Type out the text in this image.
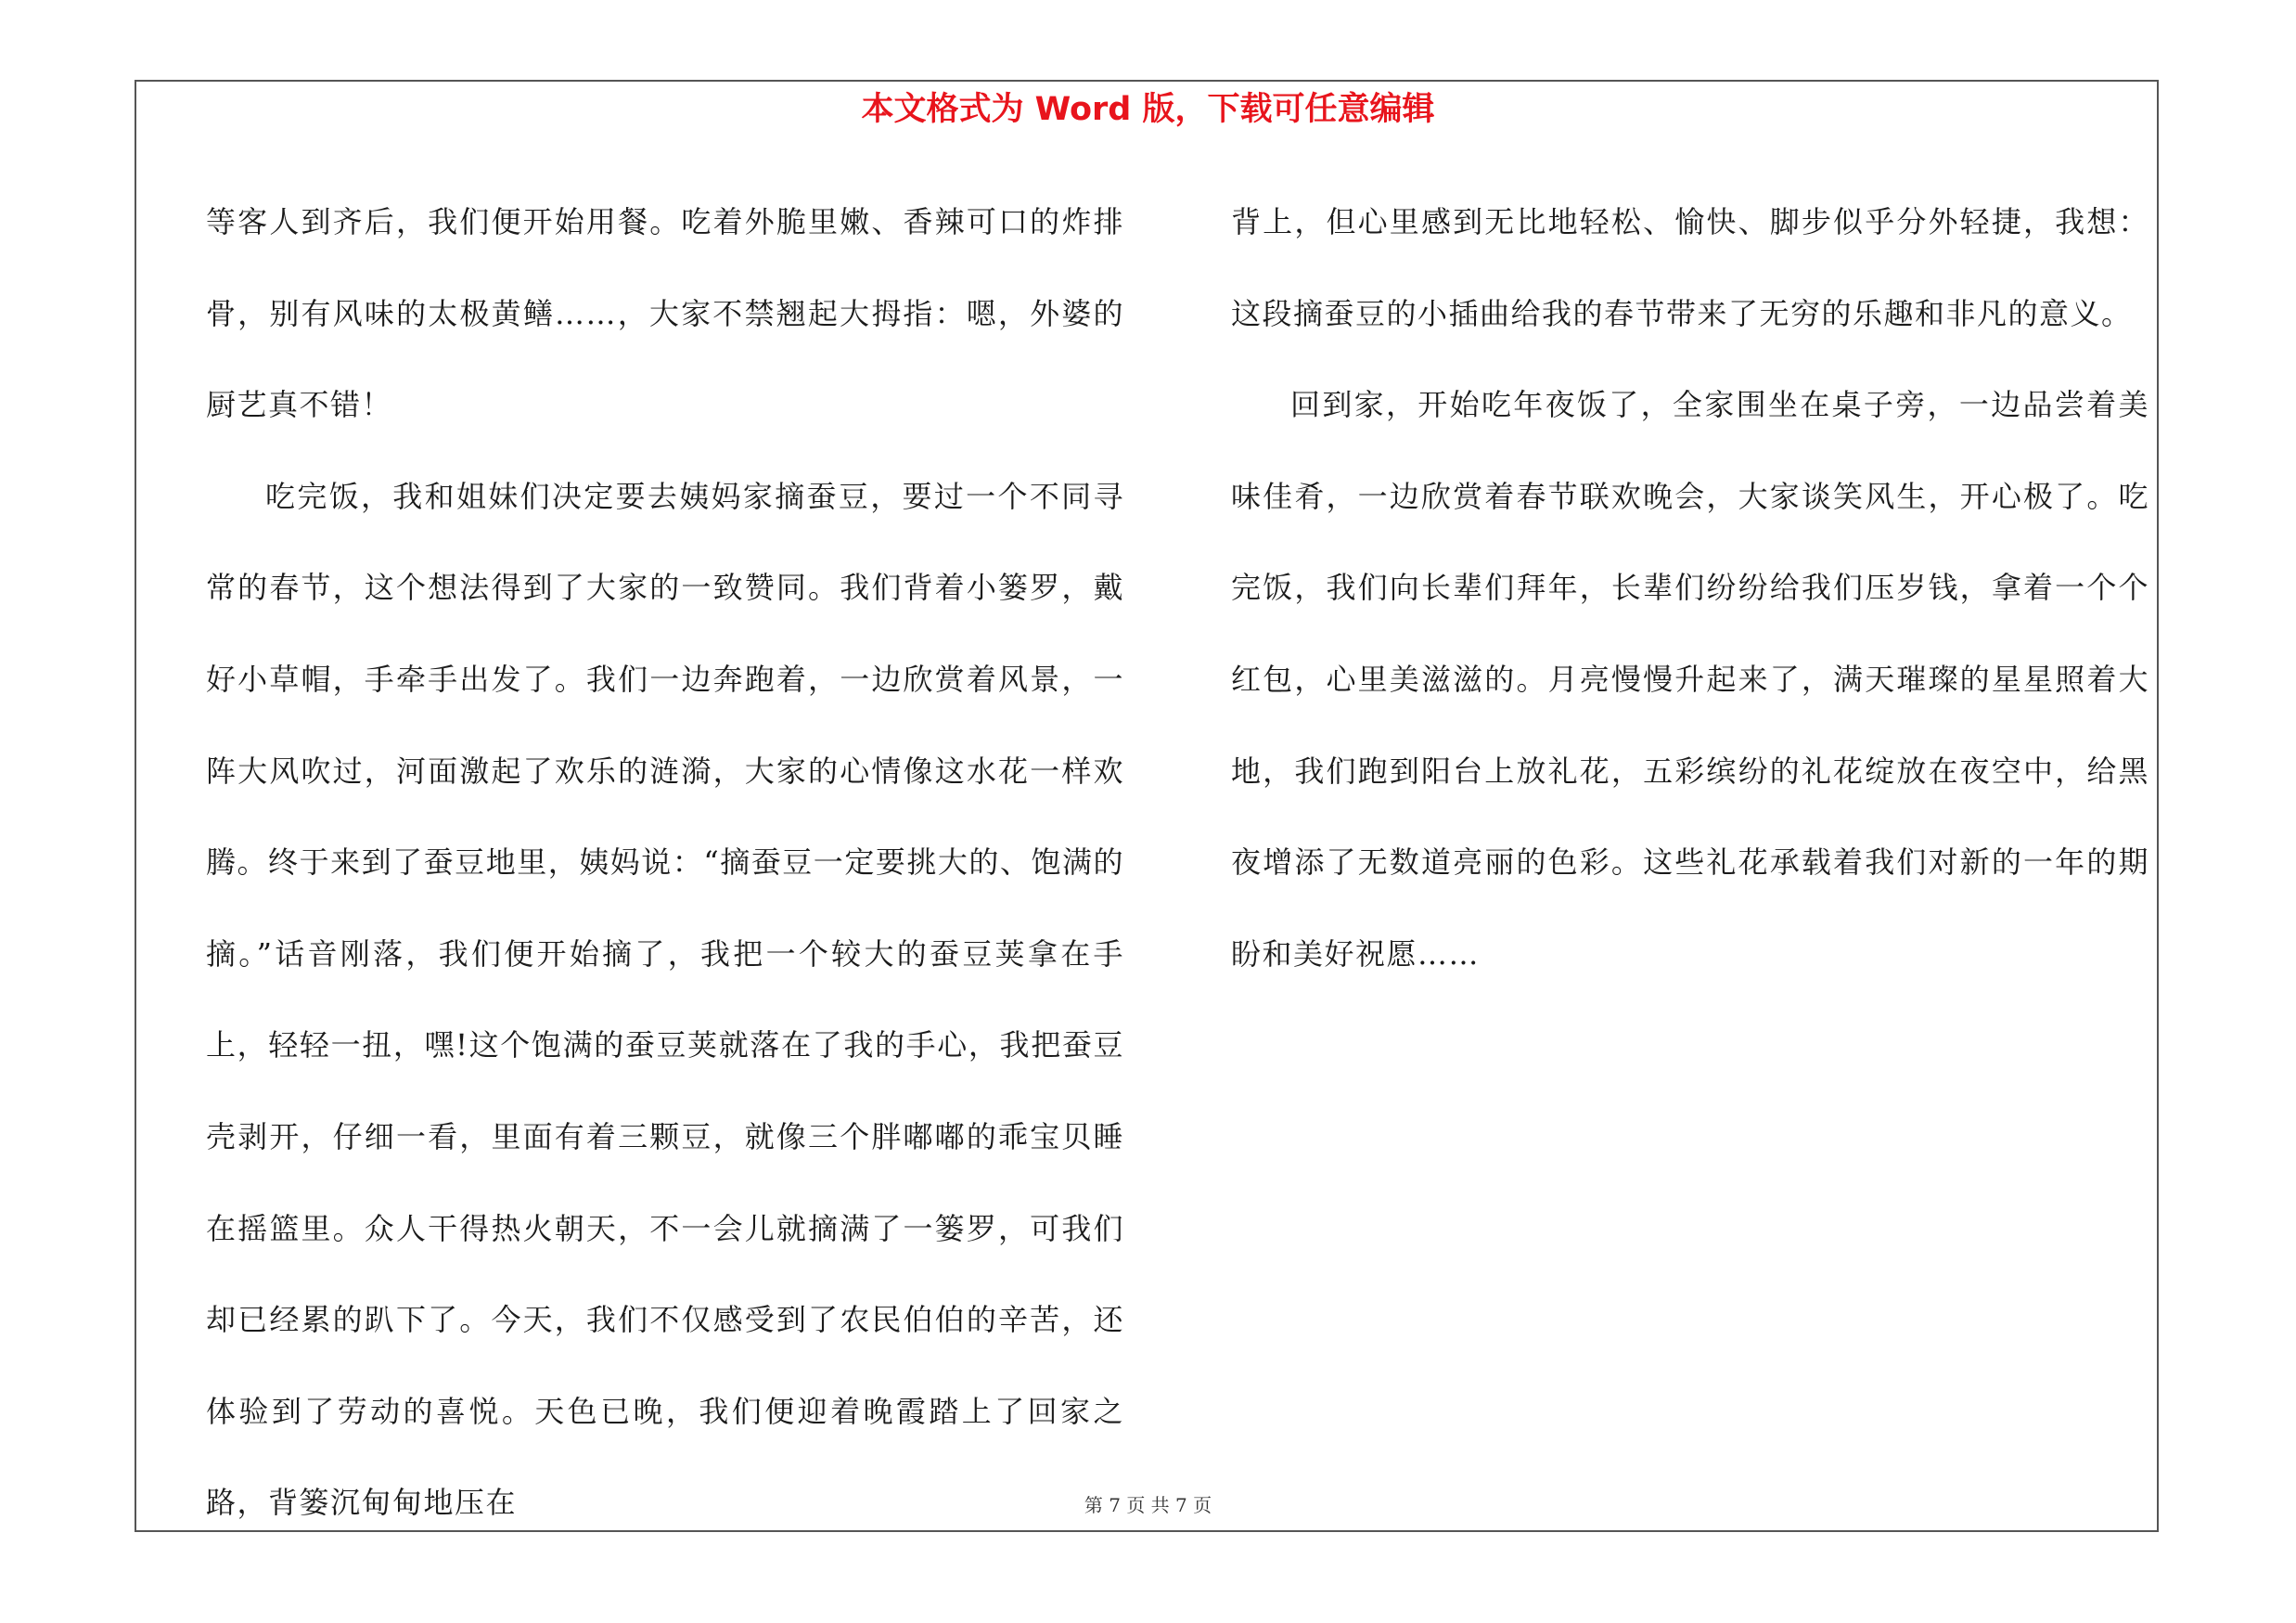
本文格式为 Word 版，下载可任意编辑

等客人到齐后，我们便开始用餐。吃着外脆里嫩、香辣可口的炸排骨，别有风味的太极黄鳝……，大家不禁翘起大拇指：嗯，外婆的厨艺真不错！

吃完饭，我和姐妹们决定要去姨妈家摘蚕豆，要过一个不同寻常的春节，这个想法得到了大家的一致赞同。我们背着小篓罗，戴好小草帽，手牵手出发了。我们一边奔跑着，一边欣赏着风景，一阵大风吹过，河面激起了欢乐的涟漪，大家的心情像这水花一样欢腾。终于来到了蚕豆地里，姨妈说：“摘蚕豆一定要挑大的、饱满的摘。”话音刚落，我们便开始摘了，我把一个较大的蚕豆荚拿在手上，轻轻一扭，嘿!这个饱满的蚕豆荚就落在了我的手心，我把蚕豆壳剥开，仔细一看，里面有着三颗豆，就像三个胖嘟嘟的乖宝贝睡在摇篮里。众人干得热火朝天，不一会儿就摘满了一篓罗，可我们却已经累的趴下了。今天，我们不仅感受到了农民伯伯的辛苦，还体验到了劳动的喜悦。天色已晚，我们便迎着晚霞踏上了回家之路，背篓沉甸甸地压在

背上，但心里感到无比地轻松、愉快、脚步似乎分外轻捷，我想：这段摘蚕豆的小插曲给我的春节带来了无穷的乐趣和非凡的意义。

回到家，开始吃年夜饭了，全家围坐在桌子旁，一边品尝着美味佳肴，一边欣赏着春节联欢晚会，大家谈笑风生，开心极了。吃完饭，我们向长辈们拜年，长辈们纷纷给我们压岁钱，拿着一个个红包，心里美滋滋的。月亮慢慢升起来了，满天璀璨的星星照着大地，我们跑到阳台上放礼花，五彩缤纷的礼花绽放在夜空中，给黑夜增添了无数道亮丽的色彩。这些礼花承载着我们对新的一年的期盼和美好祝愿……

第 7 页 共 7 页
